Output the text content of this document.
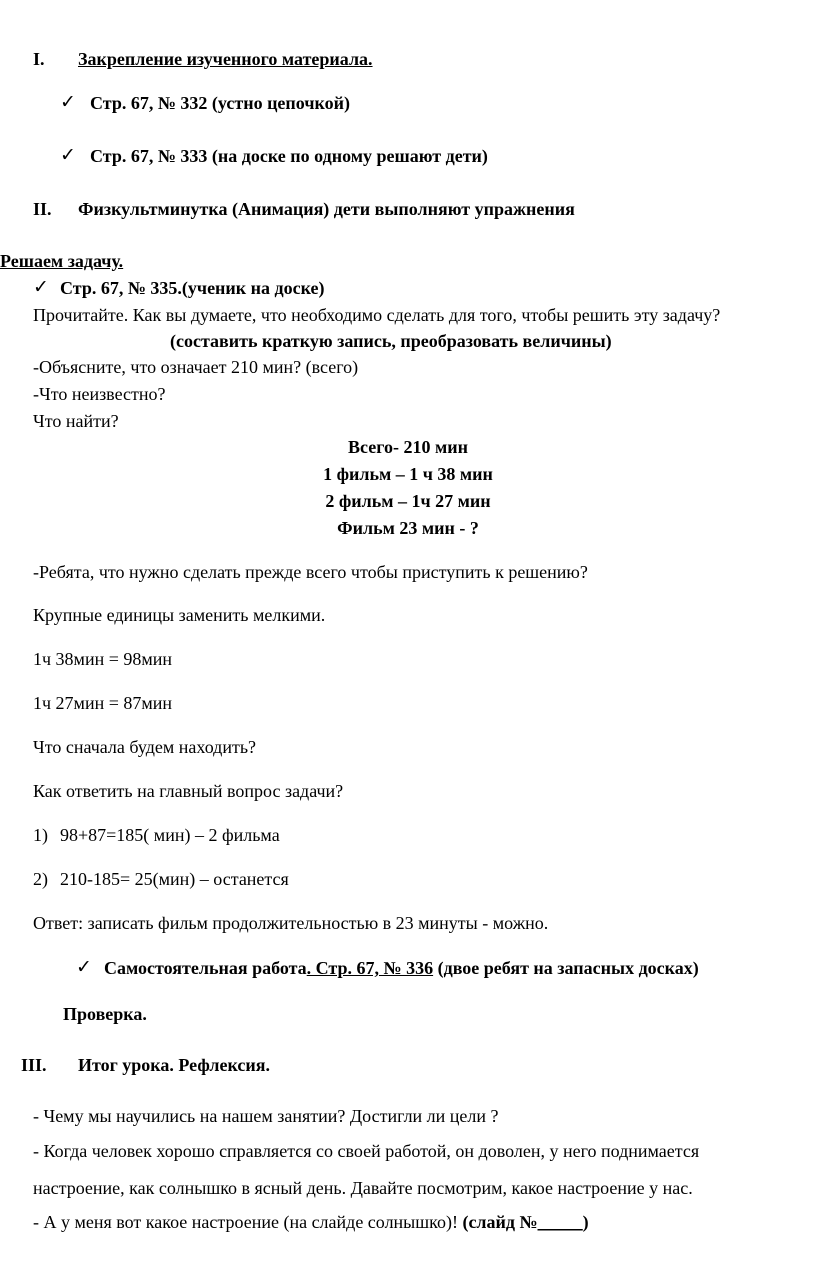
I. Закрепление изученного материала.
✓ Стр. 67, № 332 (устно цепочкой)
✓ Стр. 67, № 333 (на доске по одному решают дети)
II. Физкультминутка (Анимация) дети выполняют упражнения
Решаем задачу.
✓ Стр. 67, № 335.(ученик на доске)
Прочитайте. Как вы думаете, что необходимо сделать для того, чтобы решить эту задачу?
(составить краткую запись, преобразовать величины)
-Объясните, что означает 210 мин? (всего)
-Что неизвестно?
Что найти?
Всего- 210 мин
1 фильм – 1 ч 38 мин
2 фильм – 1ч 27 мин
Фильм 23 мин - ?
-Ребята, что нужно сделать прежде всего чтобы приступить к решению?
Крупные единицы заменить мелкими.
1ч 38мин = 98мин
1ч 27мин = 87мин
Что сначала будем находить?
Как ответить на главный вопрос задачи?
1) 98+87=185( мин) – 2 фильма
2) 210-185= 25(мин) – останется
Ответ: записать фильм продолжительностью в 23 минуты - можно.
✓ Самостоятельная работа. Стр. 67, № 336 (двое ребят на запасных досках)
Проверка.
III. Итог урока. Рефлексия.
- Чему мы научились на нашем занятии? Достигли ли цели ?
- Когда человек хорошо справляется со своей работой, он доволен, у него поднимается
настроение, как солнышко в ясный день. Давайте посмотрим, какое настроение у нас.
- А у меня вот какое настроение (на слайде солнышко)! (слайд №_____)
